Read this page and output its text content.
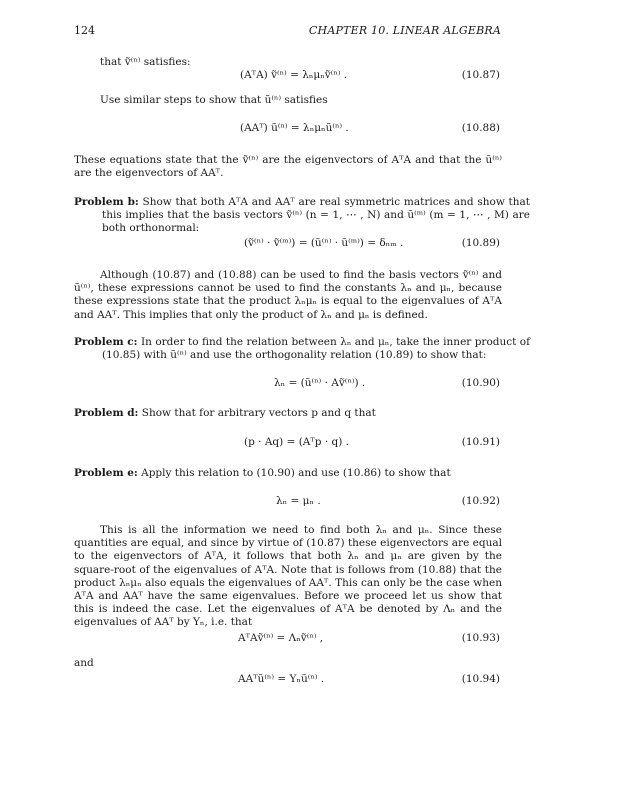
124	CHAPTER 10. LINEAR ALGEBRA
that ṽ⁽ⁿ⁾ satisfies:
(AᵀA) ṽ⁽ⁿ⁾ = λₙμₙṽ⁽ⁿ⁾ .	(10.87)
Use similar steps to show that ũ⁽ⁿ⁾ satisfies
(AAᵀ) ũ⁽ⁿ⁾ = λₙμₙũ⁽ⁿ⁾ .	(10.88)
These equations state that the ṽ⁽ⁿ⁾ are the eigenvectors of AᵀA and that the ũ⁽ⁿ⁾ are the eigenvectors of AAᵀ.
Problem b: Show that both AᵀA and AAᵀ are real symmetric matrices and show that this implies that the basis vectors ṽ⁽ⁿ⁾ (n = 1, ⋯ , N) and ũ⁽ᵐ⁾ (m = 1, ⋯ , M) are both orthonormal:
(ṽ⁽ⁿ⁾ · ṽ⁽ᵐ⁾) = (ũ⁽ⁿ⁾ · ũ⁽ᵐ⁾) = δₙₘ .	(10.89)
Although (10.87) and (10.88) can be used to find the basis vectors ṽ⁽ⁿ⁾ and ũ⁽ⁿ⁾, these expressions cannot be used to find the constants λₙ and μₙ, because these expressions state that the product λₙμₙ is equal to the eigenvalues of AᵀA and AAᵀ. This implies that only the product of λₙ and μₙ is defined.
Problem c: In order to find the relation between λₙ and μₙ, take the inner product of (10.85) with ũ⁽ⁿ⁾ and use the orthogonality relation (10.89) to show that:
λₙ = (ũ⁽ⁿ⁾ · Aṽ⁽ⁿ⁾) .	(10.90)
Problem d: Show that for arbitrary vectors p and q that
(p · Aq) = (Aᵀp · q) .	(10.91)
Problem e: Apply this relation to (10.90) and use (10.86) to show that
λₙ = μₙ .	(10.92)
This is all the information we need to find both λₙ and μₙ. Since these quantities are equal, and since by virtue of (10.87) these eigenvectors are equal to the eigenvectors of AᵀA, it follows that both λₙ and μₙ are given by the square-root of the eigenvalues of AᵀA. Note that is follows from (10.88) that the product λₙμₙ also equals the eigenvalues of AAᵀ. This can only be the case when AᵀA and AAᵀ have the same eigenvalues. Before we proceed let us show that this is indeed the case. Let the eigenvalues of AᵀA be denoted by Λₙ and the eigenvalues of AAᵀ by Υₙ, i.e. that
AᵀAṽ⁽ⁿ⁾ = Λₙṽ⁽ⁿ⁾ ,	(10.93)
and
AAᵀũ⁽ⁿ⁾ = Υₙũ⁽ⁿ⁾ .	(10.94)
